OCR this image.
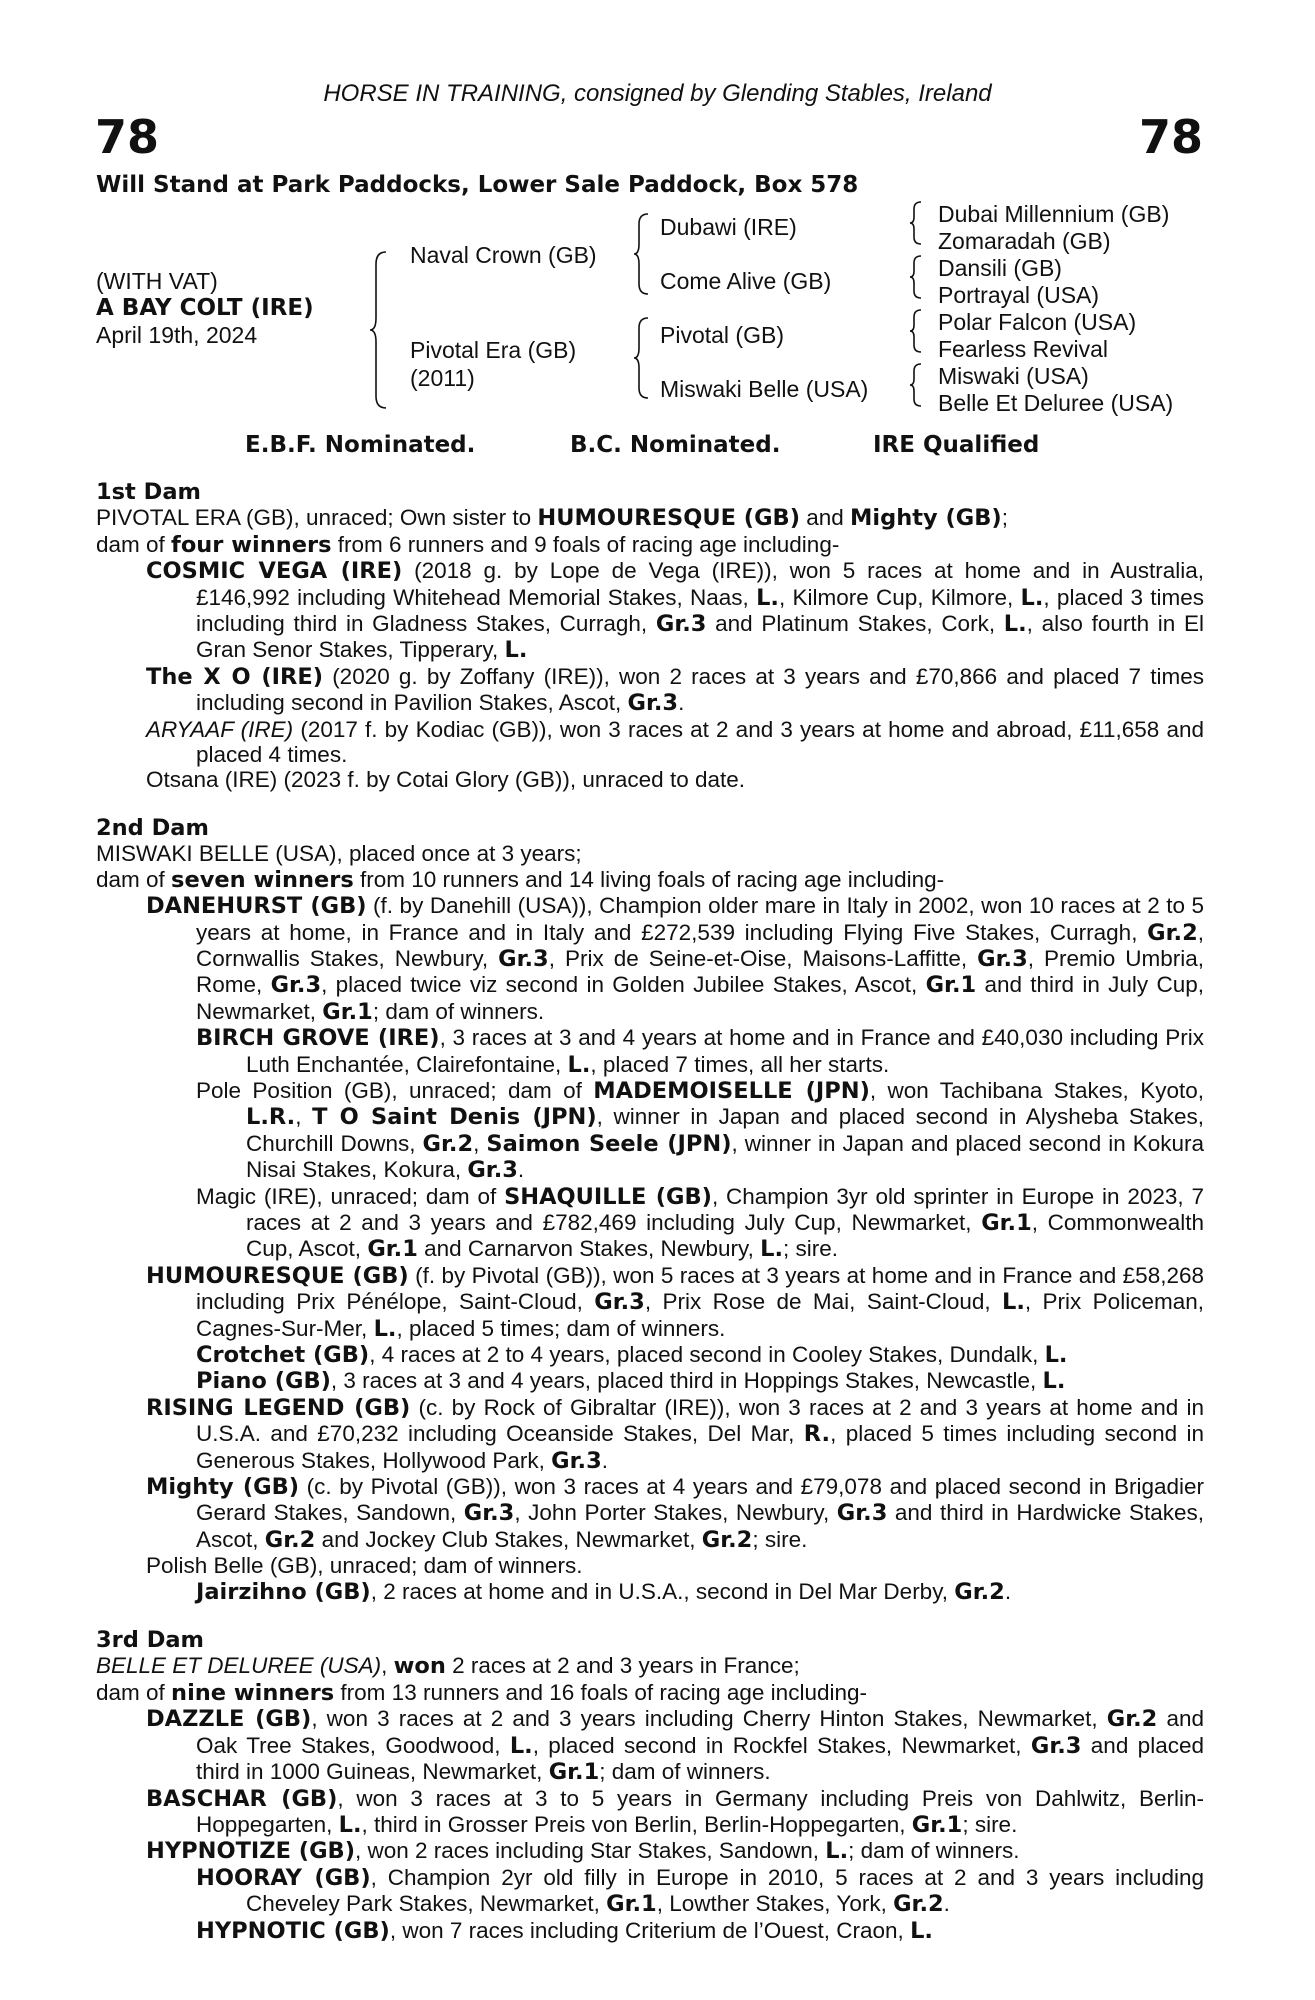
HORSE IN TRAINING, consigned by Glending Stables, Ireland
78	78
Will Stand at Park Paddocks, Lower Sale Paddock, Box 578
(WITH VAT)
A BAY COLT (IRE)
April 19th, 2024
Naval Crown (GB)
Pivotal Era (GB)
(2011)
Dubawi (IRE)
Come Alive (GB)
Pivotal (GB)
Miswaki Belle (USA)
Dubai Millennium (GB)
Zomaradah (GB)
Dansili (GB)
Portrayal (USA)
Polar Falcon (USA)
Fearless Revival
Miswaki (USA)
Belle Et Deluree (USA)
E.B.F. Nominated.	B.C. Nominated.	IRE Qualified
1st Dam
PIVOTAL ERA (GB), unraced; Own sister to HUMOURESQUE (GB) and Mighty (GB);
dam of four winners from 6 runners and 9 foals of racing age including-
COSMIC VEGA (IRE) (2018 g. by Lope de Vega (IRE)), won 5 races at home and in Australia, £146,992 including Whitehead Memorial Stakes, Naas, L., Kilmore Cup, Kilmore, L., placed 3 times including third in Gladness Stakes, Curragh, Gr.3 and Platinum Stakes, Cork, L., also fourth in El Gran Senor Stakes, Tipperary, L.
The X O (IRE) (2020 g. by Zoffany (IRE)), won 2 races at 3 years and £70,866 and placed 7 times including second in Pavilion Stakes, Ascot, Gr.3.
ARYAAF (IRE) (2017 f. by Kodiac (GB)), won 3 races at 2 and 3 years at home and abroad, £11,658 and placed 4 times.
Otsana (IRE) (2023 f. by Cotai Glory (GB)), unraced to date.
2nd Dam
MISWAKI BELLE (USA), placed once at 3 years;
dam of seven winners from 10 runners and 14 living foals of racing age including-
DANEHURST (GB) (f. by Danehill (USA)), Champion older mare in Italy in 2002, won 10 races at 2 to 5 years at home, in France and in Italy and £272,539 including Flying Five Stakes, Curragh, Gr.2, Cornwallis Stakes, Newbury, Gr.3, Prix de Seine-et-Oise, Maisons-Laffitte, Gr.3, Premio Umbria, Rome, Gr.3, placed twice viz second in Golden Jubilee Stakes, Ascot, Gr.1 and third in July Cup, Newmarket, Gr.1; dam of winners.
BIRCH GROVE (IRE), 3 races at 3 and 4 years at home and in France and £40,030 including Prix Luth Enchantée, Clairefontaine, L., placed 7 times, all her starts.
Pole Position (GB), unraced; dam of MADEMOISELLE (JPN), won Tachibana Stakes, Kyoto, L.R., T O Saint Denis (JPN), winner in Japan and placed second in Alysheba Stakes, Churchill Downs, Gr.2, Saimon Seele (JPN), winner in Japan and placed second in Kokura Nisai Stakes, Kokura, Gr.3.
Magic (IRE), unraced; dam of SHAQUILLE (GB), Champion 3yr old sprinter in Europe in 2023, 7 races at 2 and 3 years and £782,469 including July Cup, Newmarket, Gr.1, Commonwealth Cup, Ascot, Gr.1 and Carnarvon Stakes, Newbury, L.; sire.
HUMOURESQUE (GB) (f. by Pivotal (GB)), won 5 races at 3 years at home and in France and £58,268 including Prix Pénélope, Saint-Cloud, Gr.3, Prix Rose de Mai, Saint-Cloud, L., Prix Policeman, Cagnes-Sur-Mer, L., placed 5 times; dam of winners.
Crotchet (GB), 4 races at 2 to 4 years, placed second in Cooley Stakes, Dundalk, L.
Piano (GB), 3 races at 3 and 4 years, placed third in Hoppings Stakes, Newcastle, L.
RISING LEGEND (GB) (c. by Rock of Gibraltar (IRE)), won 3 races at 2 and 3 years at home and in U.S.A. and £70,232 including Oceanside Stakes, Del Mar, R., placed 5 times including second in Generous Stakes, Hollywood Park, Gr.3.
Mighty (GB) (c. by Pivotal (GB)), won 3 races at 4 years and £79,078 and placed second in Brigadier Gerard Stakes, Sandown, Gr.3, John Porter Stakes, Newbury, Gr.3 and third in Hardwicke Stakes, Ascot, Gr.2 and Jockey Club Stakes, Newmarket, Gr.2; sire.
Polish Belle (GB), unraced; dam of winners.
Jairzihno (GB), 2 races at home and in U.S.A., second in Del Mar Derby, Gr.2.
3rd Dam
BELLE ET DELUREE (USA), won 2 races at 2 and 3 years in France;
dam of nine winners from 13 runners and 16 foals of racing age including-
DAZZLE (GB), won 3 races at 2 and 3 years including Cherry Hinton Stakes, Newmarket, Gr.2 and Oak Tree Stakes, Goodwood, L., placed second in Rockfel Stakes, Newmarket, Gr.3 and placed third in 1000 Guineas, Newmarket, Gr.1; dam of winners.
BASCHAR (GB), won 3 races at 3 to 5 years in Germany including Preis von Dahlwitz, Berlin-Hoppegarten, L., third in Grosser Preis von Berlin, Berlin-Hoppegarten, Gr.1; sire.
HYPNOTIZE (GB), won 2 races including Star Stakes, Sandown, L.; dam of winners.
HOORAY (GB), Champion 2yr old filly in Europe in 2010, 5 races at 2 and 3 years including Cheveley Park Stakes, Newmarket, Gr.1, Lowther Stakes, York, Gr.2.
HYPNOTIC (GB), won 7 races including Criterium de l’Ouest, Craon, L.
